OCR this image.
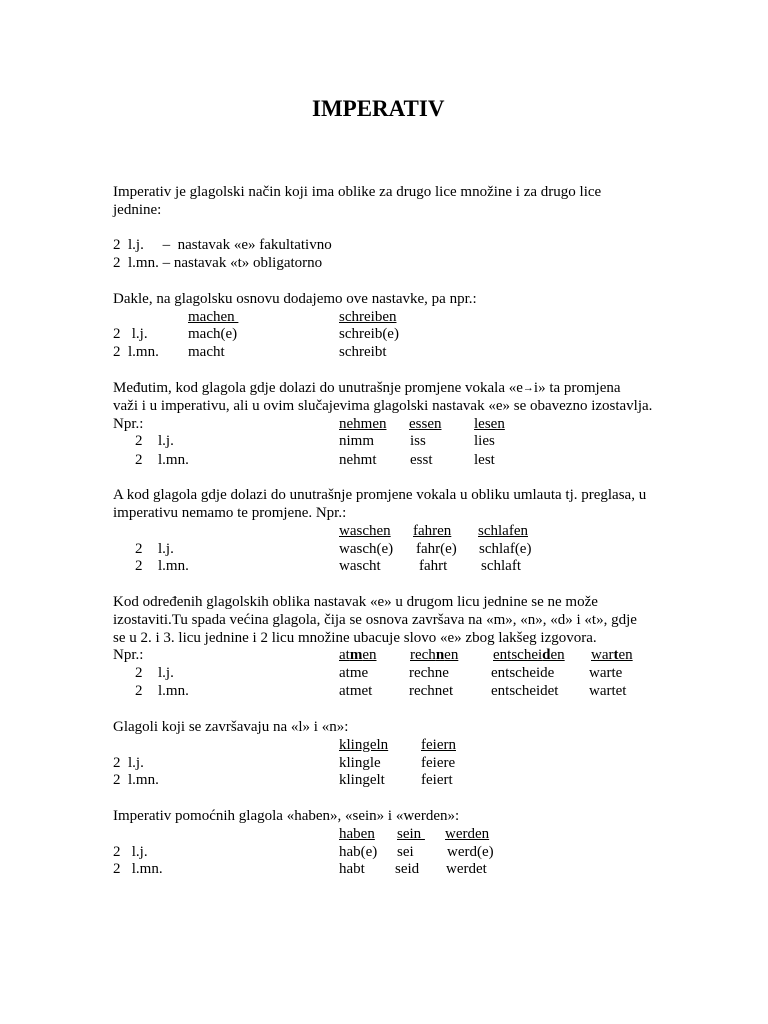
IMPERATIV
Imperativ je glagolski način koji ima oblike za drugo lice množine i za drugo lice
jednine:
2  l.j.     –  nastavak «e» fakultativno
2  l.mn. – nastavak «t» obligatorno
Dakle, na glagolsku osnovu dodajemo ove nastavke, pa npr.:
machen	schreiben
2   l.j.	mach(e)	schreib(e)
2  l.mn. macht	schreibt
Međutim, kod glagola gdje dolazi do unutrašnje promjene vokala «e→i» ta promjena
važi i u imperativu, ali u ovim slučajevima glagolski nastavak «e» se obavezno izostavlja.
Npr.:	nehmen essen lesen
2 l.j.	nimm iss	lies
2 l.mn.	nehmt esst	lest
A kod glagola gdje dolazi do unutrašnje promjene vokala u obliku umlauta tj. preglasa, u
imperativu nemamo te promjene. Npr.:
waschen fahren schlafen
2 l.j.	wasch(e) fahr(e) schlaf(e)
2 l.mn.	wascht	fahrt schlaft
Kod određenih glagolskih oblika nastavak «e» u drugom licu jednine se ne može
izostaviti.Tu spada većina glagola, čija se osnova završava na «m», «n», «d» i «t», gdje
se u 2. i 3. licu jednine i 2 licu množine ubacuje slovo «e» zbog lakšeg izgovora.
Npr.:	atmen rechnen entscheiden warten
2 l.j.	atme	rechne	entscheide warte
2 l.mn.	atmet rechnet	entscheidet wartet
Glagoli koji se završavaju na «l» i «n»:
klingeln feiern
2  l.j.	klingle	feiere
2  l.mn.	klingelt feiert
Imperativ pomoćnih glagola «haben», «sein» i «werden»:
haben sein werden
2   l.j.	hab(e) sei werd(e)
2   l.mn.	habt seid werdet
